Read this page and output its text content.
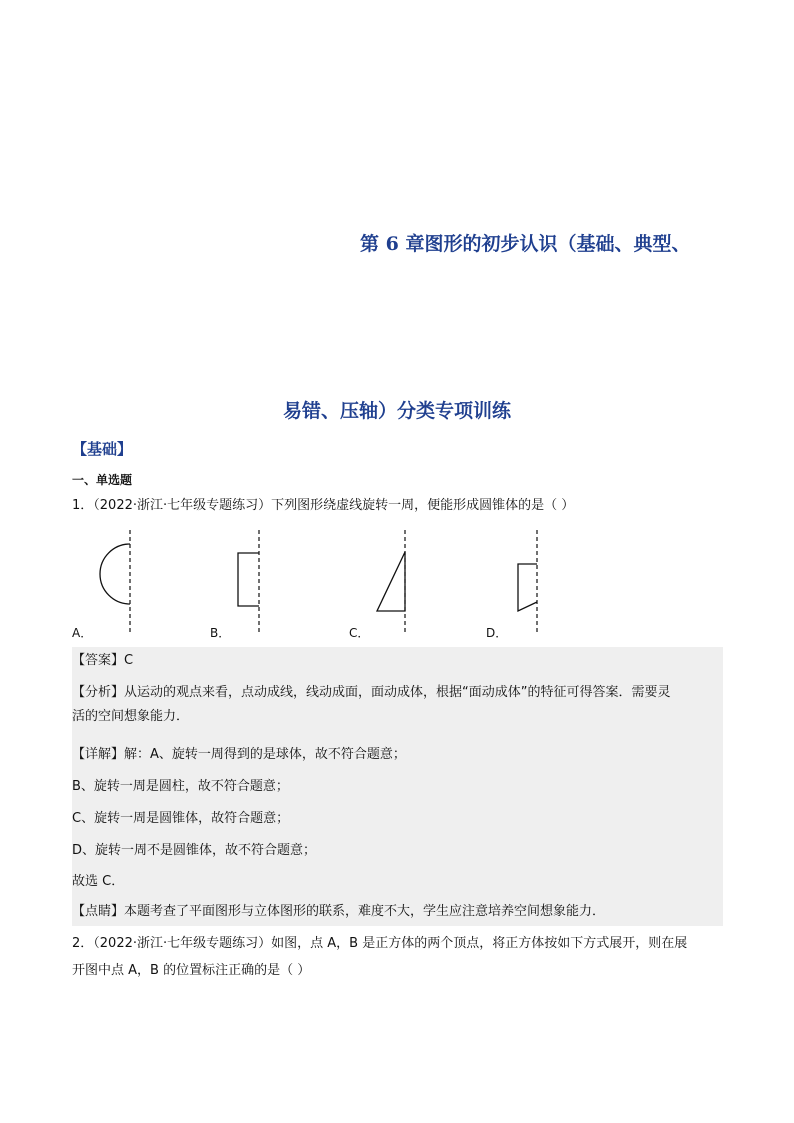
第 6 章图形的初步认识（基础、典型、
易错、压轴）分类专项训练
【基础】
一、单选题
1．（2022·浙江·七年级专题练习）下列图形绕虚线旋转一周，便能形成圆锥体的是（ ）
A．	B．	C．	D．
【答案】C
【分析】从运动的观点来看，点动成线，线动成面，面动成体，根据“面动成体”的特征可得答案．需要灵
活的空间想象能力．
【详解】解：A、旋转一周得到的是球体，故不符合题意；
B、旋转一周是圆柱，故不符合题意；
C、旋转一周是圆锥体，故符合题意；
D、旋转一周不是圆锥体，故不符合题意；
故选 C．
【点睛】本题考查了平面图形与立体图形的联系，难度不大，学生应注意培养空间想象能力．
2．（2022·浙江·七年级专题练习）如图，点 A，B 是正方体的两个顶点，将正方体按如下方式展开，则在展
开图中点 A，B 的位置标注正确的是（ ）
